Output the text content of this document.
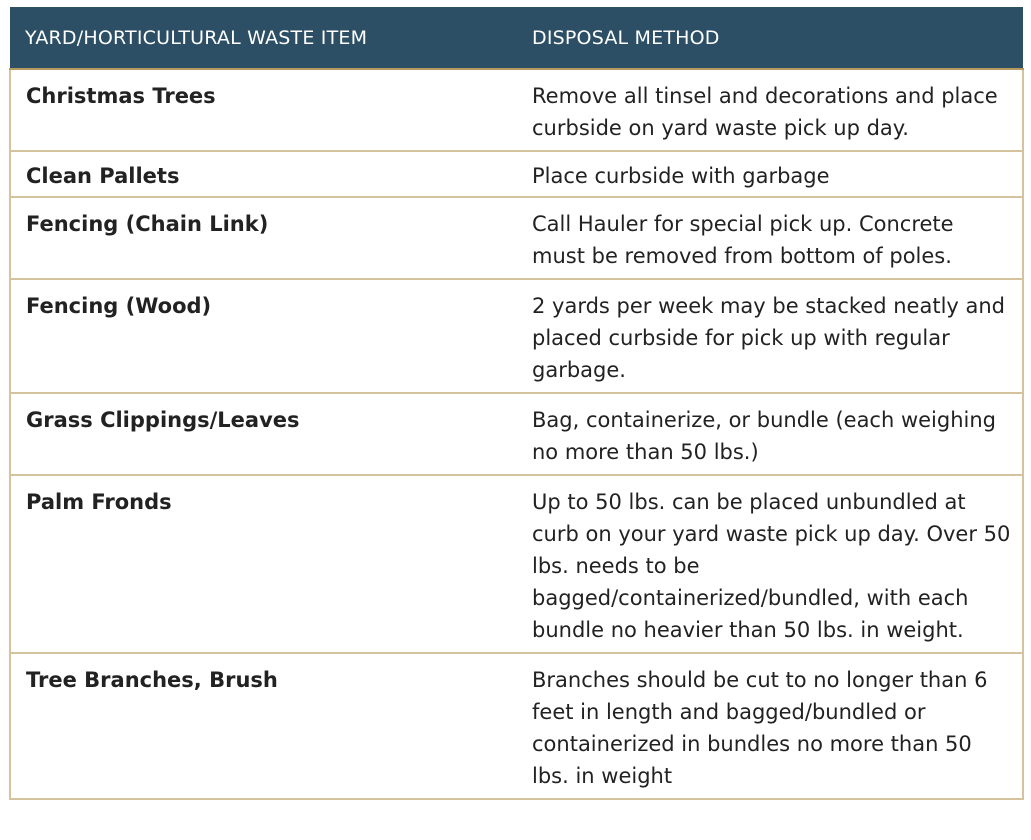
YARD/HORTICULTURAL WASTE ITEM	DISPOSAL METHOD
Christmas Trees	Remove all tinsel and decorations and place curbside on yard waste pick up day.
Clean Pallets	Place curbside with garbage
Fencing (Chain Link)	Call Hauler for special pick up. Concrete must be removed from bottom of poles.
Fencing (Wood)	2 yards per week may be stacked neatly and placed curbside for pick up with regular garbage.
Grass Clippings/Leaves	Bag, containerize, or bundle (each weighing no more than 50 lbs.)
Palm Fronds	Up to 50 lbs. can be placed unbundled at curb on your yard waste pick up day. Over 50 lbs. needs to be bagged/containerized/bundled, with each bundle no heavier than 50 lbs. in weight.
Tree Branches, Brush	Branches should be cut to no longer than 6 feet in length and bagged/bundled or containerized in bundles no more than 50 lbs. in weight
